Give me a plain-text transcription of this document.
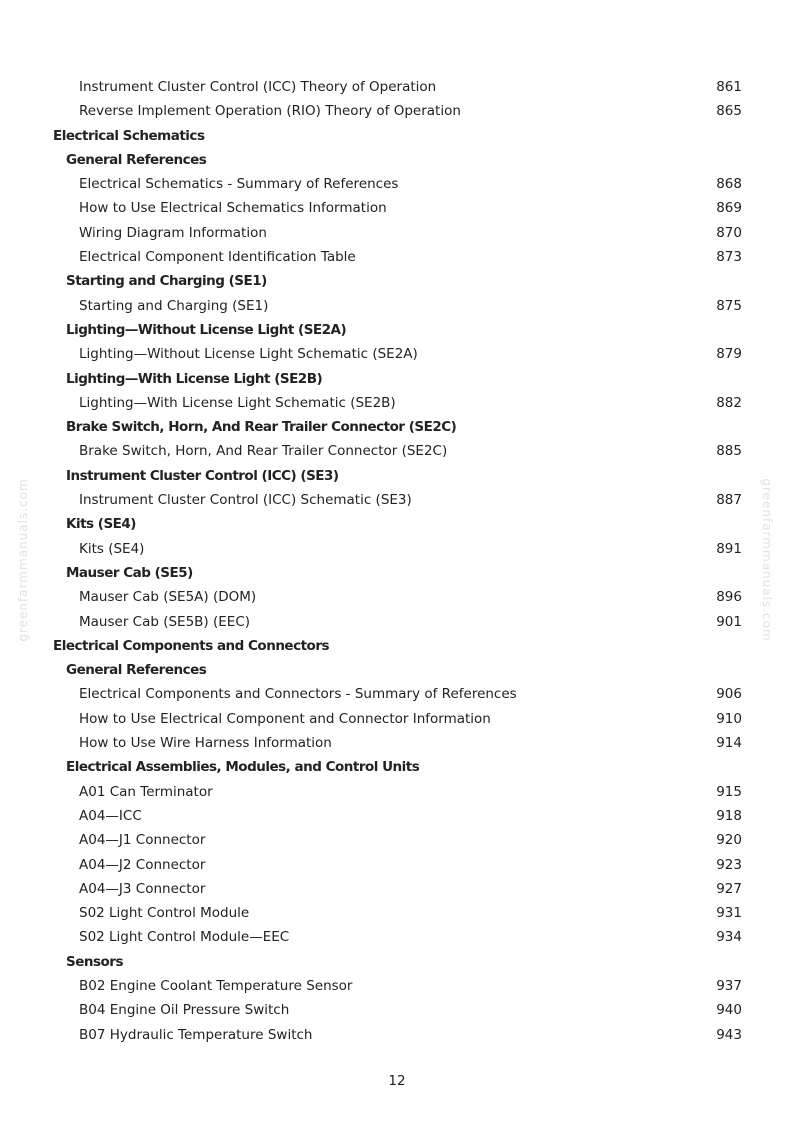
greenfarmmanuals.com	greenfarmmanuals.com
Instrument Cluster Control (ICC) Theory of Operation	861
Reverse Implement Operation (RIO) Theory of Operation	865
Electrical Schematics
General References
Electrical Schematics - Summary of References	868
How to Use Electrical Schematics Information	869
Wiring Diagram Information	870
Electrical Component Identification Table	873
Starting and Charging (SE1)
Starting and Charging (SE1)	875
Lighting—Without License Light (SE2A)
Lighting—Without License Light Schematic (SE2A)	879
Lighting—With License Light (SE2B)
Lighting—With License Light Schematic (SE2B)	882
Brake Switch, Horn, And Rear Trailer Connector (SE2C)
Brake Switch, Horn, And Rear Trailer Connector (SE2C)	885
Instrument Cluster Control (ICC) (SE3)
Instrument Cluster Control (ICC) Schematic (SE3)	887
Kits (SE4)
Kits (SE4)	891
Mauser Cab (SE5)
Mauser Cab (SE5A) (DOM)	896
Mauser Cab (SE5B) (EEC)	901
Electrical Components and Connectors
General References
Electrical Components and Connectors - Summary of References	906
How to Use Electrical Component and Connector Information	910
How to Use Wire Harness Information	914
Electrical Assemblies, Modules, and Control Units
A01 Can Terminator	915
A04—ICC	918
A04—J1 Connector	920
A04—J2 Connector	923
A04—J3 Connector	927
S02 Light Control Module	931
S02 Light Control Module—EEC	934
Sensors
B02 Engine Coolant Temperature Sensor	937
B04 Engine Oil Pressure Switch	940
B07 Hydraulic Temperature Switch	943
12
